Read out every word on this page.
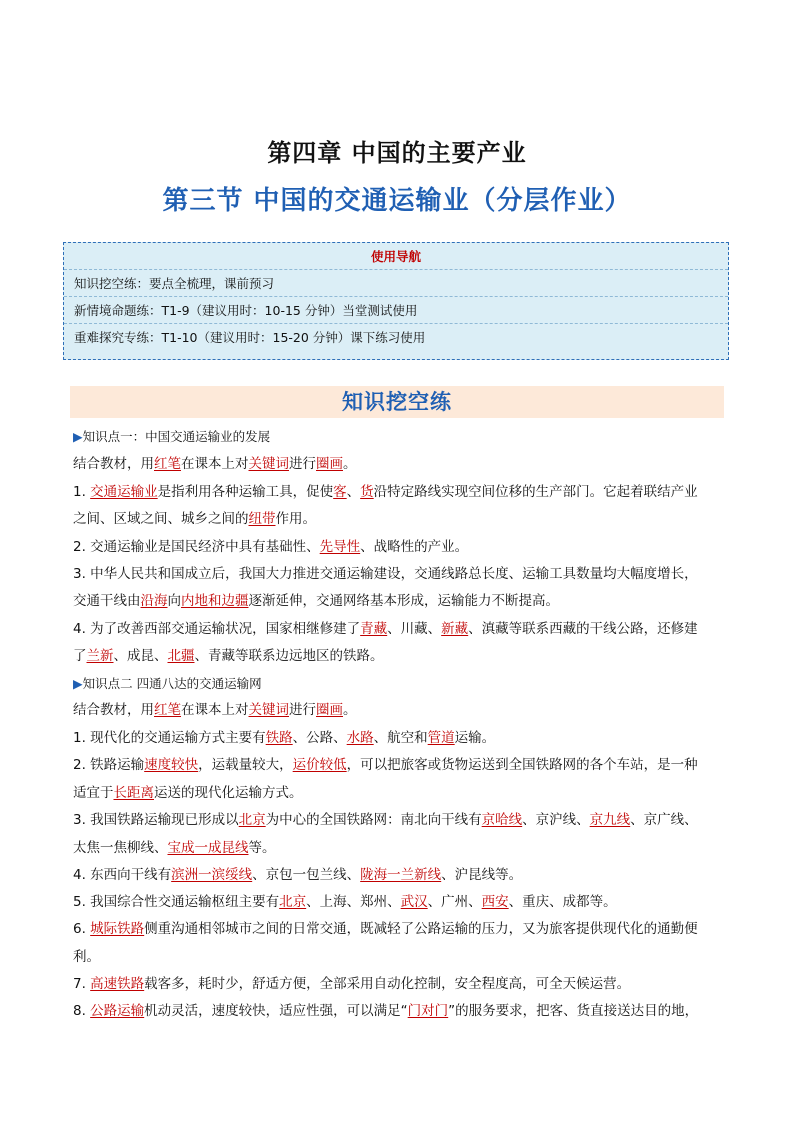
第四章 中国的主要产业
第三节 中国的交通运输业（分层作业）
使用导航
知识挖空练：要点全梳理，课前预习
新情境命题练：T1-9（建议用时：10-15 分钟）当堂测试使用
重难探究专练：T1-10（建议用时：15-20 分钟）课下练习使用
知识挖空练
▶知识点一：中国交通运输业的发展
结合教材，用红笔在课本上对关键词进行圈画。
1. 交通运输业是指利用各种运输工具，促使客、货沿特定路线实现空间位移的生产部门。它起着联结产业
之间、区域之间、城乡之间的纽带作用。
2. 交通运输业是国民经济中具有基础性、先导性、战略性的产业。
3. 中华人民共和国成立后，我国大力推进交通运输建设，交通线路总长度、运输工具数量均大幅度增长，
交通干线由沿海向内地和边疆逐渐延伸，交通网络基本形成，运输能力不断提高。
4. 为了改善西部交通运输状况，国家相继修建了青藏、川藏、新藏、滇藏等联系西藏的干线公路，还修建
了兰新、成昆、北疆、青藏等联系边远地区的铁路。
▶知识点二 四通八达的交通运输网
结合教材，用红笔在课本上对关键词进行圈画。
1. 现代化的交通运输方式主要有铁路、公路、水路、航空和管道运输。
2. 铁路运输速度较快，运载量较大，运价较低，可以把旅客或货物运送到全国铁路网的各个车站，是一种
适宜于长距离运送的现代化运输方式。
3. 我国铁路运输现已形成以北京为中心的全国铁路网：南北向干线有京哈线、京沪线、京九线、京广线、
太焦一焦柳线、宝成一成昆线等。
4. 东西向干线有滨洲一滨绥线、京包一包兰线、陇海一兰新线、沪昆线等。
5. 我国综合性交通运输枢纽主要有北京、上海、郑州、武汉、广州、西安、重庆、成都等。
6. 城际铁路侧重沟通相邻城市之间的日常交通，既减轻了公路运输的压力，又为旅客提供现代化的通勤便
利。
7. 高速铁路载客多，耗时少，舒适方便，全部采用自动化控制，安全程度高，可全天候运营。
8. 公路运输机动灵活，速度较快，适应性强，可以满足“门对门”的服务要求，把客、货直接送达目的地，
